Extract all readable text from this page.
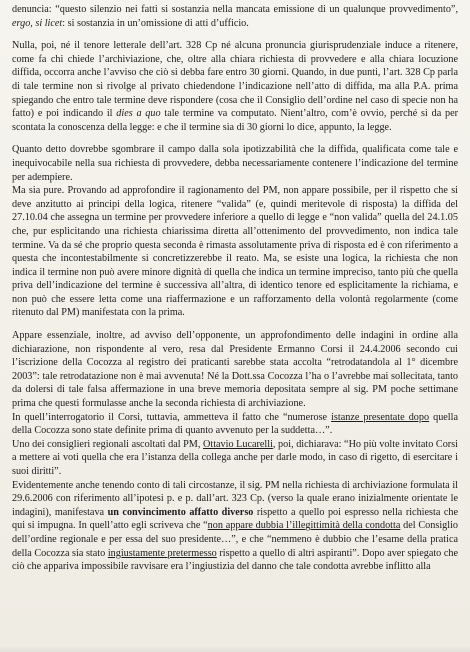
denuncia: “questo silenzio nei fatti si sostanzia nella mancata emissione di un qualunque provvedimento”, ergo, si licet: si sostanzia in un’omissione di atti d’ufficio.

Nulla, poi, né il tenore letterale dell’art. 328 Cp né alcuna pronuncia giurisprudenziale induce a ritenere, come fa chi chiede l’archiviazione, che, oltre alla chiara richiesta di provvedere e alla chiara locuzione diffida, occorra anche l’avviso che ciò si debba fare entro 30 giorni. Quando, in due punti, l’art. 328 Cp parla di tale termine non si rivolge al privato chiedendone l’indicazione nell’atto di diffida, ma alla P.A. prima spiegando che entro tale termine deve rispondere (cosa che il Consiglio dell’ordine nel caso di specie non ha fatto) e poi indicando il dies a quo tale termine va computato. Nient’altro, com’è ovvio, perché si da per scontata la conoscenza della legge: e che il termine sia di 30 giorni lo dice, appunto, la legge.

Quanto detto dovrebbe sgombrare il campo dalla sola ipotizzabilità che la diffida, qualificata come tale e inequivocabile nella sua richiesta di provvedere, debba necessariamente contenere l’indicazione del termine per adempiere.

Ma sia pure. Provando ad approfondire il ragionamento del PM, non appare possibile, per il rispetto che si deve anzitutto ai principi della logica, ritenere “valida” (e, quindi meritevole di risposta) la diffida del 27.10.04 che assegna un termine per provvedere inferiore a quello di legge e “non valida” quella del 24.1.05 che, pur esplicitando una richiesta chiarissima diretta all’ottenimento del provvedimento, non indica tale termine. Va da sé che proprio questa seconda è rimasta assolutamente priva di risposta ed è con riferimento a questa che incontestabilmente si concretizzerebbe il reato. Ma, se esiste una logica, la richiesta che non indica il termine non può avere minore dignità di quella che indica un termine impreciso, tanto più che quella priva dell’indicazione del termine è successiva all’altra, di identico tenore ed esplicitamente la richiama, e non può che essere letta come una riaffermazione e un rafforzamento della volontà regolarmente (come ritenuto dal PM) manifestata con la prima.

Appare essenziale, inoltre, ad avviso dell’opponente, un approfondimento delle indagini in ordine alla dichiarazione, non rispondente al vero, resa dal Presidente Ermanno Corsi il 24.4.2006 secondo cui l’iscrizione della Cocozza al registro dei praticanti sarebbe stata accolta “retrodatandola al 1° dicembre 2003”: tale retrodatazione non è mai avvenuta! Né la Dott.ssa Cocozza l’ha o l’avrebbe mai sollecitata, tanto da dolersi di tale falsa affermazione in una breve memoria depositata sempre al sig. PM poche settimane prima che questi formulasse anche la seconda richiesta di archiviazione.

In quell’interrogatorio il Corsi, tuttavia, ammetteva il fatto che “numerose istanze presentate dopo quella della Cocozza sono state definite prima di quanto avvenuto per la suddetta…”.

Uno dei consiglieri regionali ascoltati dal PM, Ottavio Lucarelli, poi, dichiarava: “Ho più volte invitato Corsi a mettere ai voti quella che era l’istanza della collega anche per darle modo, in caso di rigetto, di esercitare i suoi diritti”.

Evidentemente anche tenendo conto di tali circostanze, il sig. PM nella richiesta di archiviazione formulata il 29.6.2006 con riferimento all’ipotesi p. e p. dall’art. 323 Cp. (verso la quale erano inizialmente orientate le indagini), manifestava un convincimento affatto diverso rispetto a quello poi espresso nella richiesta che qui si impugna. In quell’atto egli scriveva che “non appare dubbia l’illegittimità della condotta del Consiglio dell’ordine regionale e per essa del suo presidente…”, e che “nemmeno è dubbio che l’esame della pratica della Cocozza sia stato ingiustamente pretermesso rispetto a quello di altri aspiranti”. Dopo aver spiegato che ciò che appariva impossibile ravvisare era l’ingiustizia del danno che tale condotta avrebbe inflitto alla
